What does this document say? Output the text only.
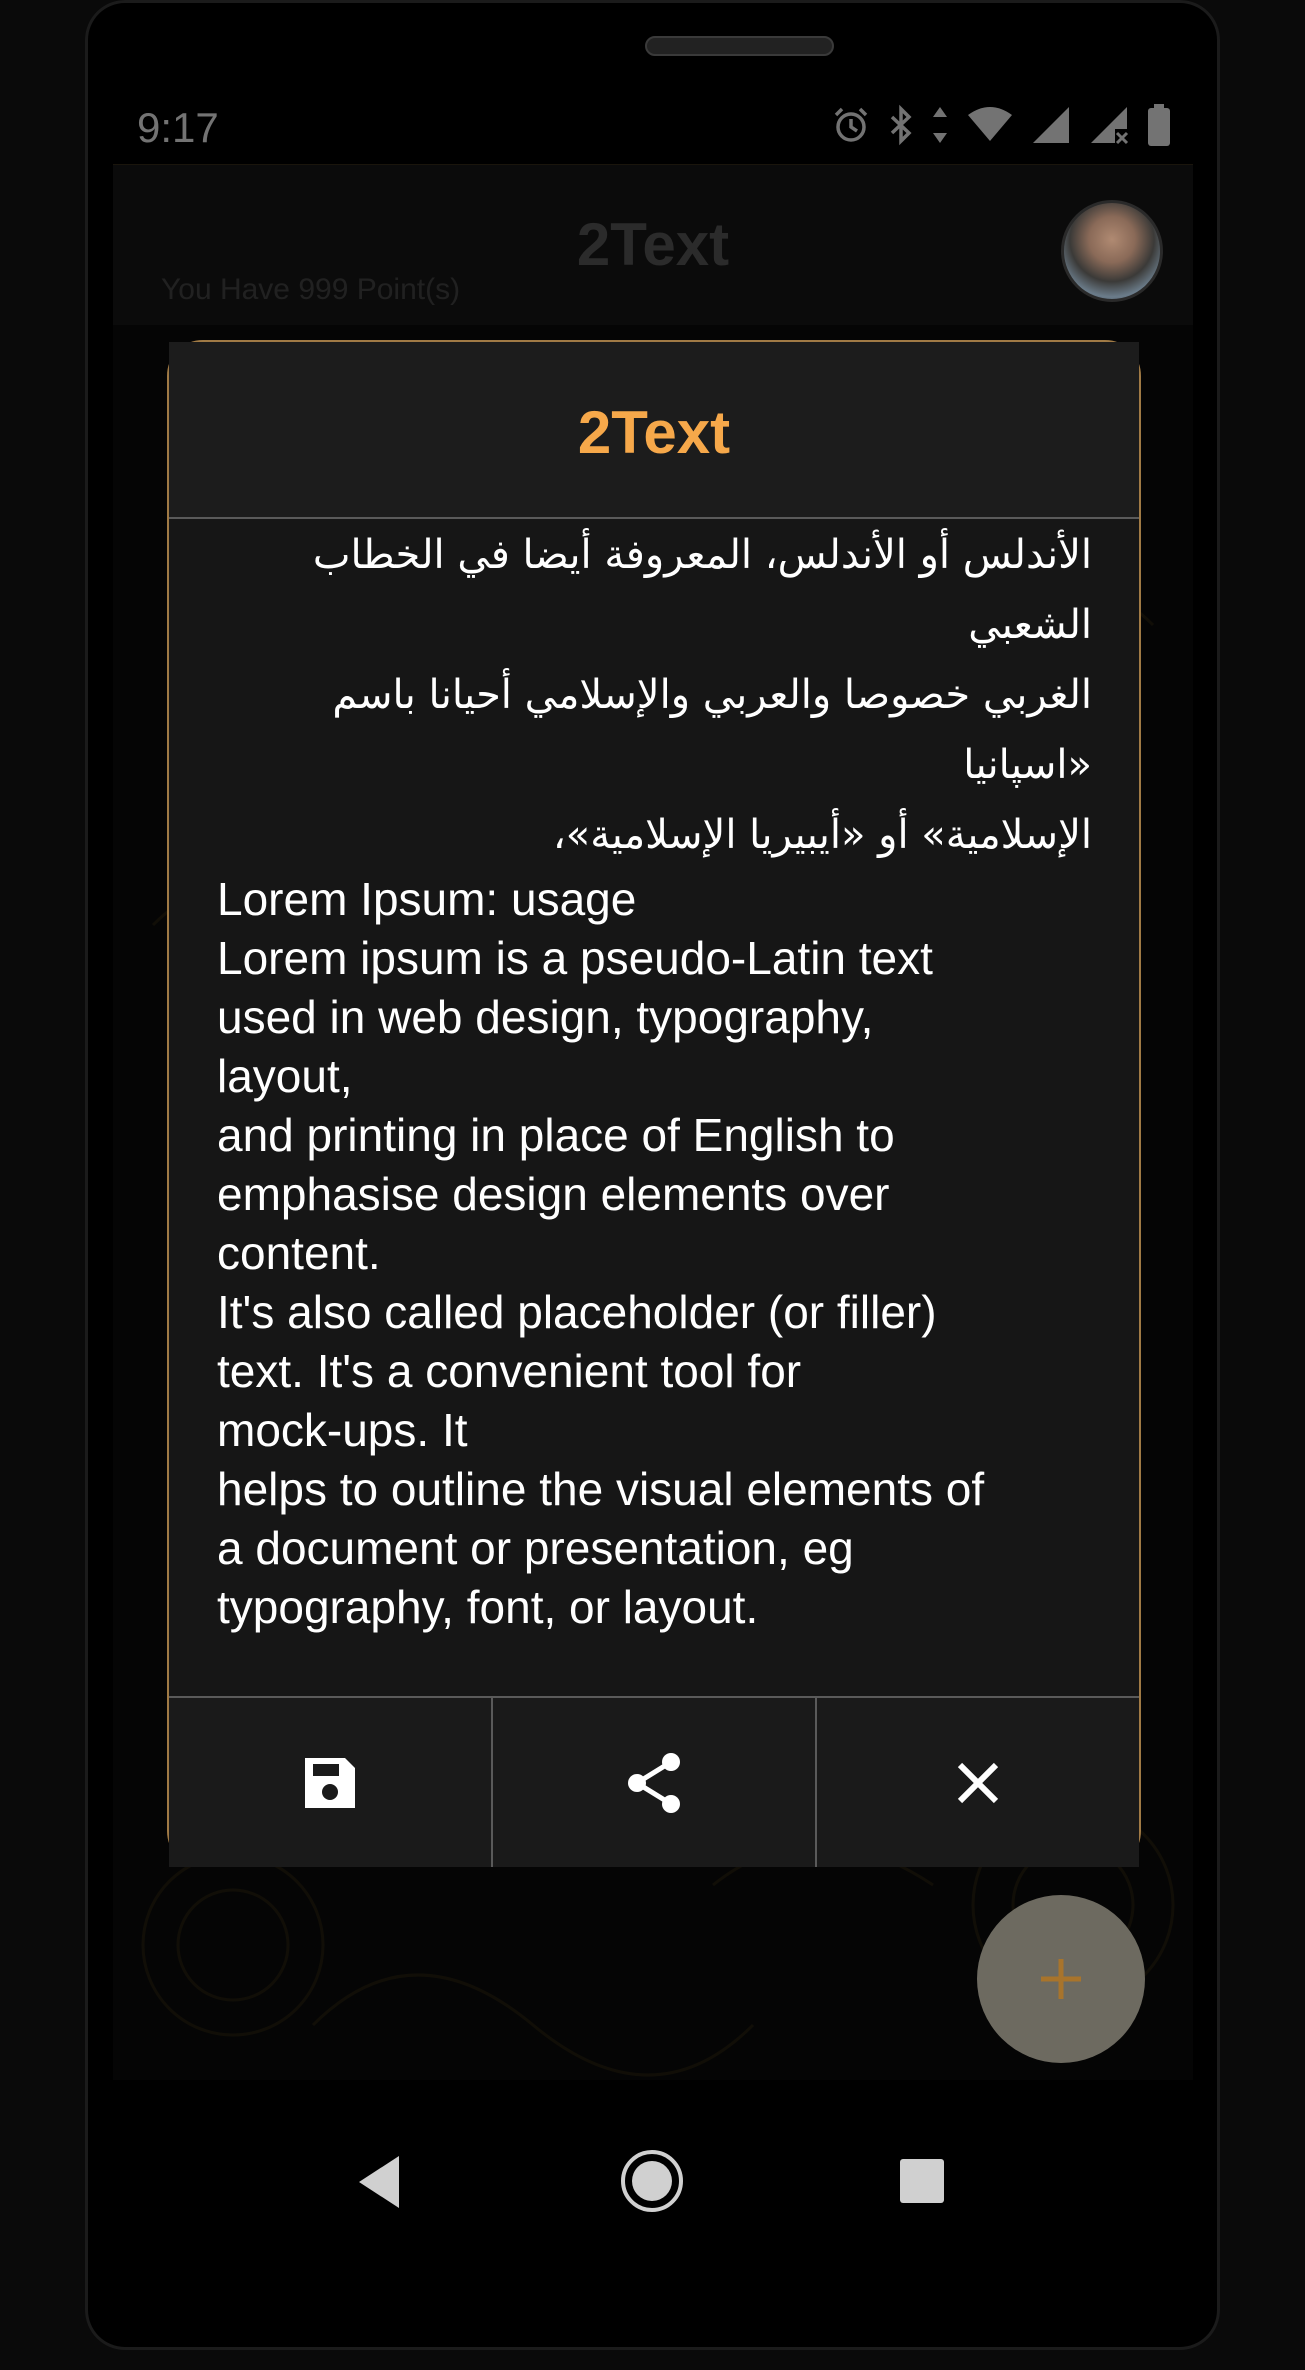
2Text

الأندلس أو الأندلس، المعروفة أيضا في الخطاب

الشعبي

الغربي خصوصا والعربي والإسلامي أحيانا باسم

«اسپانيا

الإسلامية» أو «أيبيريا الإسلامية»،

Lorem Ipsum: usage

Lorem ipsum is a pseudo-Latin text

used in web design, typography,

layout,

and printing in place of English to

emphasise design elements over

content.

It's also called placeholder (or filler)

text. It's a convenient tool for

mock-ups. It

helps to outline the visual elements of

a document or presentation, eg

typography, font, or layout.
